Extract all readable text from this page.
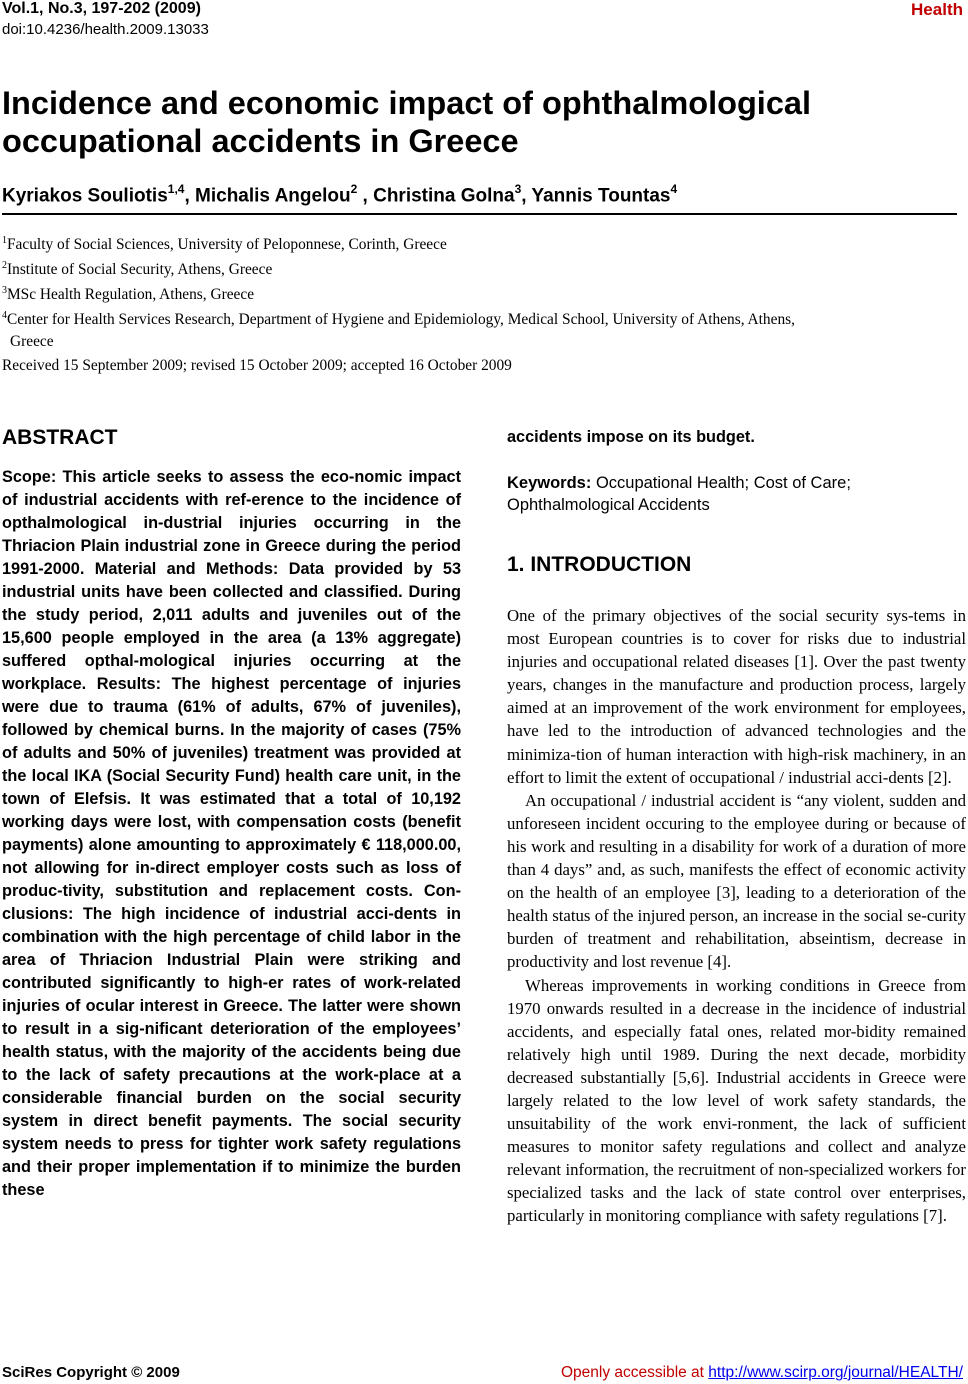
Vol.1, No.3, 197-202 (2009)
doi:10.4236/health.2009.13033
Health
Incidence and economic impact of ophthalmological occupational accidents in Greece
Kyriakos Souliotis$^{1,4}$, Michalis Angelou$^2$ , Christina Golna$^3$, Yannis Tountas$^4$
$^1$Faculty of Social Sciences, University of Peloponnese, Corinth, Greece
$^2$Institute of Social Security, Athens, Greece
$^3$MSc Health Regulation, Athens, Greece
$^4$Center for Health Services Research, Department of Hygiene and Epidemiology, Medical School, University of Athens, Athens,
Greece
Received 15 September 2009; revised 15 October 2009; accepted 16 October 2009
ABSTRACT
Scope: This article seeks to assess the eco-nomic impact of industrial accidents with ref-erence to the incidence of opthalmological in-dustrial injuries occurring in the Thriacion Plain industrial zone in Greece during the period 1991-2000. Material and Methods: Data provided by 53 industrial units have been collected and classified. During the study period, 2,011 adults and juveniles out of the 15,600 people employed in the area (a 13% aggregate) suffered opthal-mological injuries occurring at the workplace. Results: The highest percentage of injuries were due to trauma (61% of adults, 67% of juveniles), followed by chemical burns. In the majority of cases (75% of adults and 50% of juveniles) treatment was provided at the local IKA (Social Security Fund) health care unit, in the town of Elefsis. It was estimated that a total of 10,192 working days were lost, with compensation costs (benefit payments) alone amounting to approximately € 118,000.00, not allowing for in-direct employer costs such as loss of produc-tivity, substitution and replacement costs. Con-clusions: The high incidence of industrial acci-dents in combination with the high percentage of child labor in the area of Thriacion Industrial Plain were striking and contributed significantly to high-er rates of work-related injuries of ocular interest in Greece. The latter were shown to result in a sig-nificant deterioration of the employees’ health status, with the majority of the accidents being due to the lack of safety precautions at the work-place at a considerable financial burden on the social security system in direct benefit payments. The social security system needs to press for tighter work safety regulations and their proper implementation if to minimize the burden these
accidents impose on its budget.
Keywords: Occupational Health; Cost of Care; Ophthalmological Accidents
1. INTRODUCTION

One of the primary objectives of the social security sys-tems in most European countries is to cover for risks due to industrial injuries and occupational related diseases [1]. Over the past twenty years, changes in the manufacture and production process, largely aimed at an improvement of the work environment for employees, have led to the introduction of advanced technologies and the minimiza-tion of human interaction with high-risk machinery, in an effort to limit the extent of occupational / industrial acci-dents [2].

An occupational / industrial accident is “any violent, sudden and unforeseen incident occuring to the employee during or because of his work and resulting in a disability for work of a duration of more than 4 days” and, as such, manifests the effect of economic activity on the health of an employee [3], leading to a deterioration of the health status of the injured person, an increase in the social se-curity burden of treatment and rehabilitation, abseintism, decrease in productivity and lost revenue [4].

Whereas improvements in working conditions in Greece from 1970 onwards resulted in a decrease in the incidence of industrial accidents, and especially fatal ones, related mor-bidity remained relatively high until 1989. During the next decade, morbidity decreased substantially [5,6]. Industrial accidents in Greece were largely related to the low level of work safety standards, the unsuitability of the work envi-ronment, the lack of sufficient measures to monitor safety regulations and collect and analyze relevant information, the recruitment of non-specialized workers for specialized tasks and the lack of state control over enterprises, particularly in monitoring compliance with safety regulations [7].

SciRes Copyright © 2009	Openly accessible at http://www.scirp.org/journal/HEALTH/
